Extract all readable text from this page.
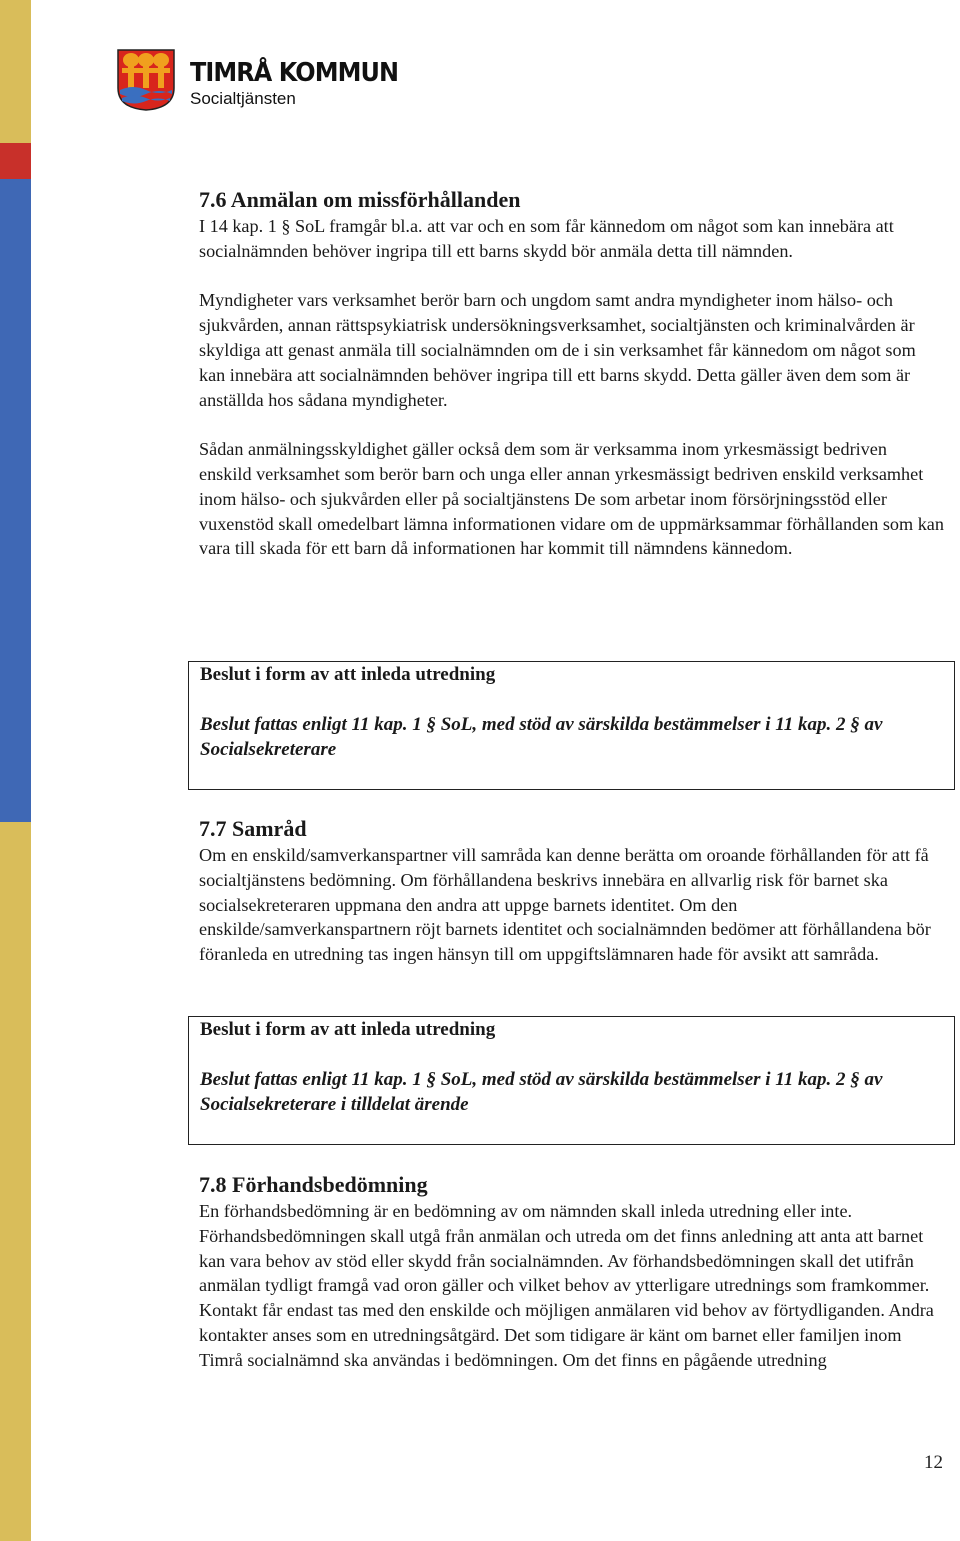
TIMRÅ KOMMUN
Socialtjänsten
7.6 Anmälan om missförhållanden

I 14 kap. 1 § SoL framgår bl.a. att var och en som får kännedom om något som kan innebära att socialnämnden behöver ingripa till ett barns skydd bör anmäla detta till nämnden.

Myndigheter vars verksamhet berör barn och ungdom samt andra myndigheter inom hälso- och sjukvården, annan rättspsykiatrisk undersökningsverksamhet, socialtjänsten och kriminalvården är skyldiga att genast anmäla till socialnämnden om de i sin verksamhet får kännedom om något som kan innebära att socialnämnden behöver ingripa till ett barns skydd. Detta gäller även dem som är anställda hos sådana myndigheter.

Sådan anmälningsskyldighet gäller också dem som är verksamma inom yrkesmässigt bedriven enskild verksamhet som berör barn och unga eller annan yrkesmässigt bedriven enskild verksamhet inom hälso- och sjukvården eller på socialtjänstens De som arbetar inom försörjningsstöd eller vuxenstöd skall omedelbart lämna informationen vidare om de uppmärksammar förhållanden som kan vara till skada för ett barn då informationen har kommit till nämndens kännedom.

Beslut i form av att inleda utredning
Beslut fattas enligt 11 kap. 1 § SoL, med stöd av särskilda bestämmelser i 11 kap. 2 § av Socialsekreterare
7.7 Samråd

Om en enskild/samverkanspartner vill samråda kan denne berätta om oroande förhållanden för att få socialtjänstens bedömning. Om förhållandena beskrivs innebära en allvarlig risk för barnet ska socialsekreteraren uppmana den andra att uppge barnets identitet. Om den enskilde/samverkanspartnern röjt barnets identitet och socialnämnden bedömer att förhållandena bör föranleda en utredning tas ingen hänsyn till om uppgiftslämnaren hade för avsikt att samråda.

Beslut i form av att inleda utredning
Beslut fattas enligt 11 kap. 1 § SoL, med stöd av särskilda bestämmelser i 11 kap. 2 § av Socialsekreterare i tilldelat ärende
7.8 Förhandsbedömning

En förhandsbedömning är en bedömning av om nämnden skall inleda utredning eller inte. Förhandsbedömningen skall utgå från anmälan och utreda om det finns anledning att anta att barnet kan vara behov av stöd eller skydd från socialnämnden. Av förhandsbedömningen skall det utifrån anmälan tydligt framgå vad oron gäller och vilket behov av ytterligare utrednings som framkommer. Kontakt får endast tas med den enskilde och möjligen anmälaren vid behov av förtydliganden. Andra kontakter anses som en utredningsåtgärd. Det som tidigare är känt om barnet eller familjen inom Timrå socialnämnd ska användas i bedömningen. Om det finns en pågående utredning

12
